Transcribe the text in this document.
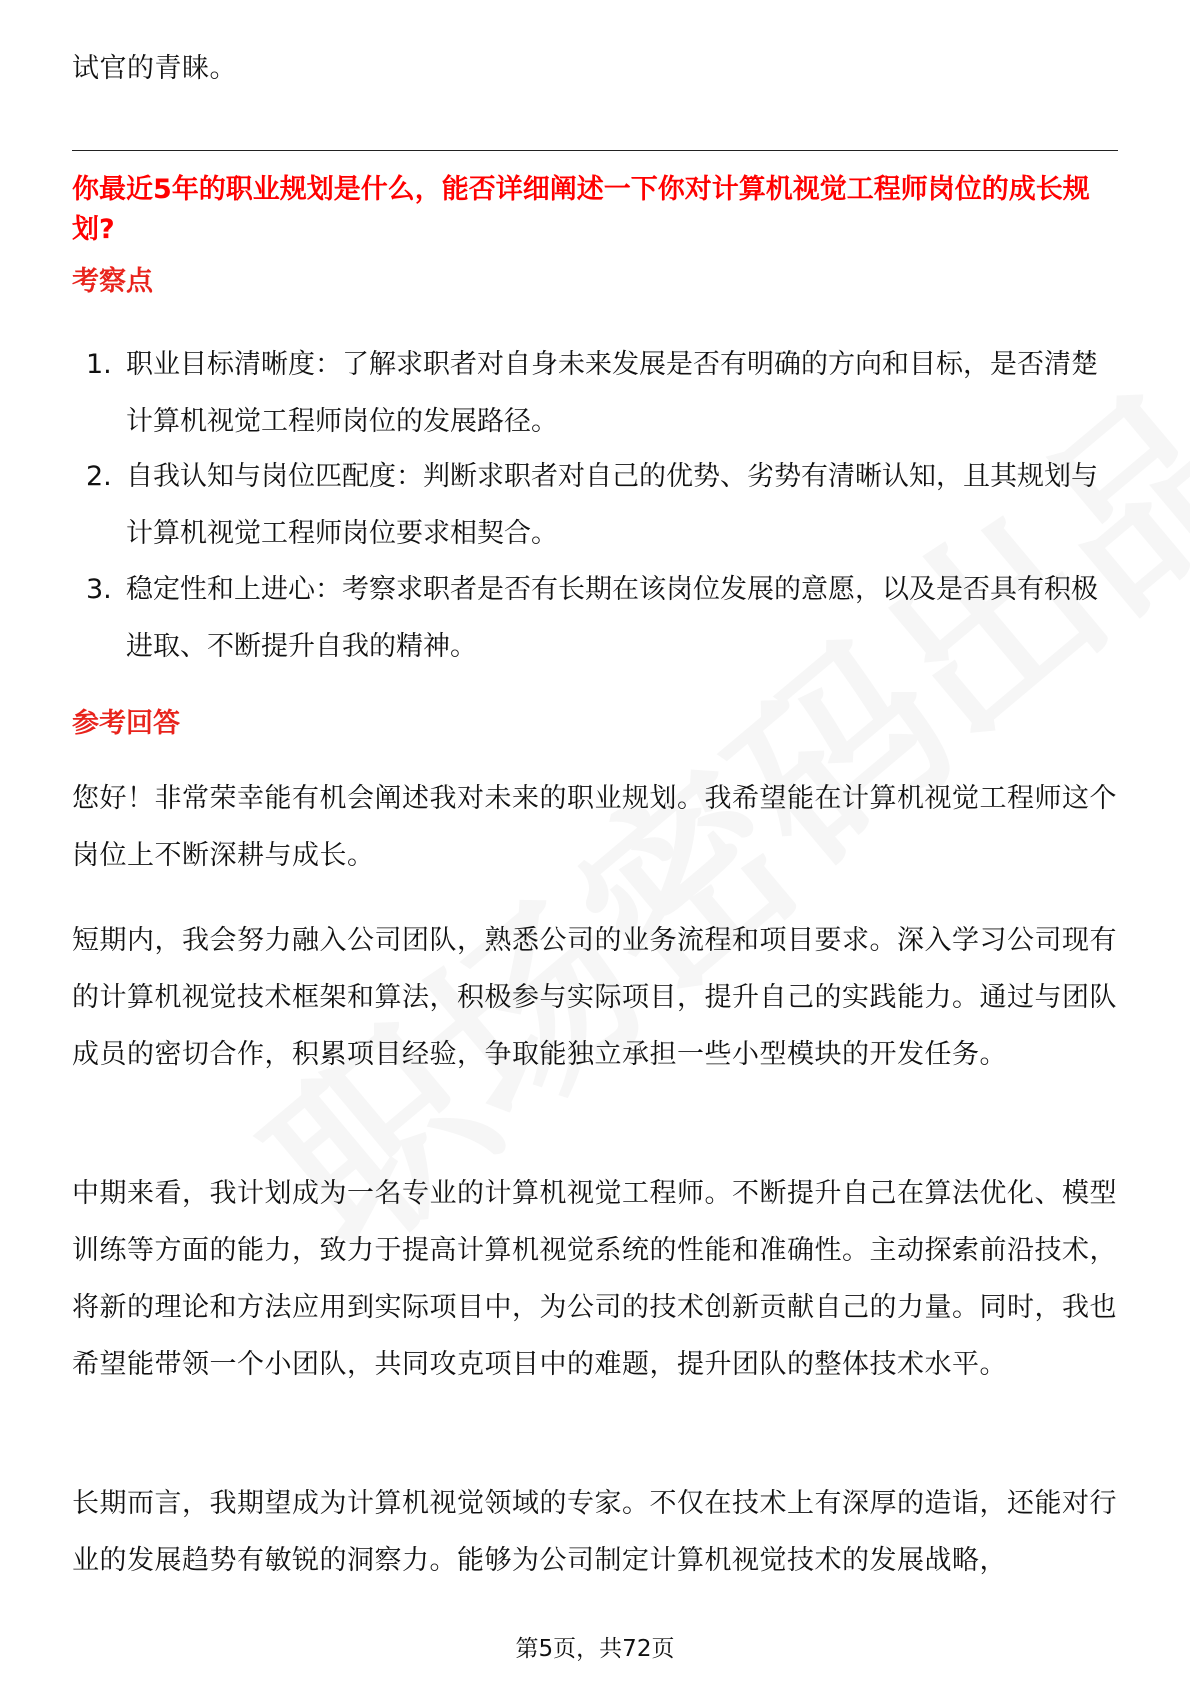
试官的青睐。
你最近5年的职业规划是什么，能否详细阐述一下你对计算机视觉工程师岗位的成长规划?
考察点
1. 职业目标清晰度：了解求职者对自身未来发展是否有明确的方向和目标，是否清楚计算机视觉工程师岗位的发展路径。
2. 自我认知与岗位匹配度：判断求职者对自己的优势、劣势有清晰认知，且其规划与计算机视觉工程师岗位要求相契合。
3. 稳定性和上进心：考察求职者是否有长期在该岗位发展的意愿，以及是否具有积极进取、不断提升自我的精神。
参考回答
您好！非常荣幸能有机会阐述我对未来的职业规划。我希望能在计算机视觉工程师这个岗位上不断深耕与成长。
短期内，我会努力融入公司团队，熟悉公司的业务流程和项目要求。深入学习公司现有的计算机视觉技术框架和算法，积极参与实际项目，提升自己的实践能力。通过与团队成员的密切合作，积累项目经验，争取能独立承担一些小型模块的开发任务。
中期来看，我计划成为一名专业的计算机视觉工程师。不断提升自己在算法优化、模型训练等方面的能力，致力于提高计算机视觉系统的性能和准确性。主动探索前沿技术，将新的理论和方法应用到实际项目中，为公司的技术创新贡献自己的力量。同时，我也希望能带领一个小团队，共同攻克项目中的难题，提升团队的整体技术水平。
长期而言，我期望成为计算机视觉领域的专家。不仅在技术上有深厚的造诣，还能对行业的发展趋势有敏锐的洞察力。能够为公司制定计算机视觉技术的发展战略，
第5页，共72页
